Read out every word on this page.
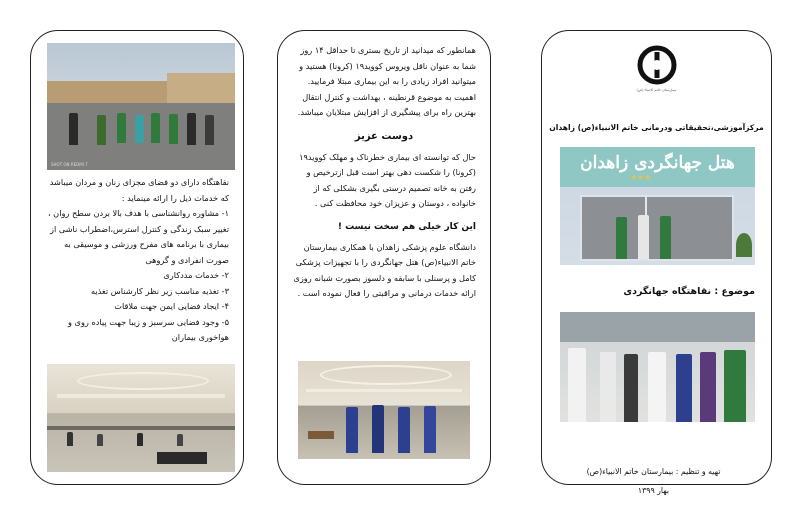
SHOT ON REDMI 7

نقاهتگاه دارای دو فضای مجزای زنان و مردان میباشد که خدمات ذیل را ارائه مینماید :

۱- مشاوره روانشناسی با هدف بالا بردن سطح روان ، تغییر سبک زندگی و کنترل استرس،اضطراب ناشی از بیماری با برنامه های مفرح ورزشی و موسیقی به صورت انفرادی و گروهی

۲- خدمات مددکاری

۳- تغذیه مناسب زیر نظر کارشناس تغذیه

۴- ایجاد فضایی ایمن جهت ملاقات

۵- وجود فضایی سرسبز و زیبا جهت پیاده روی و هواخوری بیماران

همانطور که میدانید از تاریخ بستری تا حداقل ۱۴ روز شما به عنوان ناقل ویروس کووید۱۹ (کرونا) هستید و میتوانید افراد زیادی را به این بیماری مبتلا فرمایید. اهمیت به موضوع قرنطینه ، بهداشت و کنترل انتقال بهترین راه برای پیشگیری از افزایش مبتلایان میباشد.

دوست عزیز

حال که توانسته ای بیماری خطرناک و مهلک کووید۱۹ (کرونا) را شکست دهی بهتر است قبل ازترخیص و رفتن به خانه تصمیم درستی بگیری بشکلی که از خانواده ، دوستان و عزیزان خود محافظت کنی .

این کار خیلی هم سخت نیست !

دانشگاه علوم پزشکی زاهدان با همکاری بیمارستان خاتم الانبیاء(ص) هتل جهانگردی را با تجهیزات پزشکی کامل و پرسنلی با سابقه و دلسوز بصورت شبانه روزی ارائه خدمات درمانی و مراقبتی را فعال نموده است .

بیمارستان خاتم الانبیاء (ص)
مرکزآموزشی،تحقیقاتی ودرمانی خاتم الانبیاء(ص) زاهدان
هتل جهانگردی زاهدان
★★★
موضوع : نقاهتگاه جهانگردی
تهیه و تنظیم : بیمارستان خاتم الانبیاء(ص)
بهار ۱۳۹۹
